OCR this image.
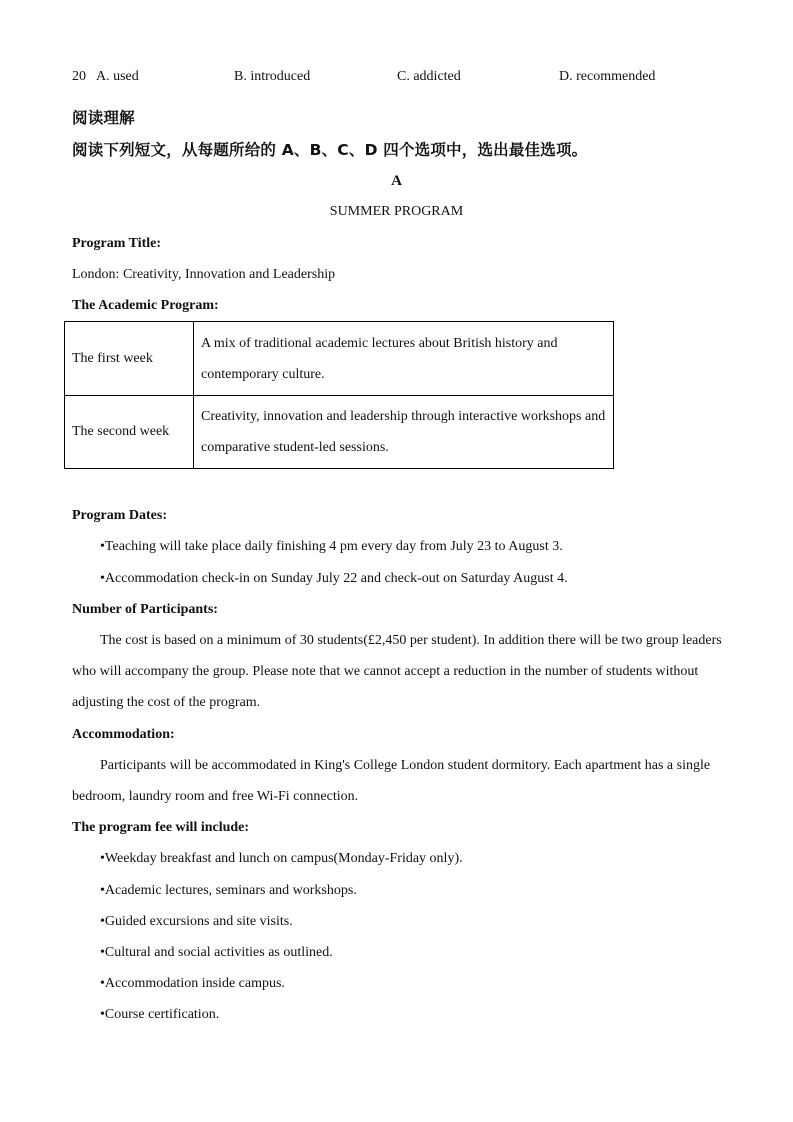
20 A. used	B. introduced	C. addicted	D. recommended
阅读理解
阅读下列短文，从每题所给的 A、B、C、D 四个选项中，选出最佳选项。
A
SUMMER PROGRAM
Program Title:
London: Creativity, Innovation and Leadership
The Academic Program:
The first week	A mix of traditional academic lectures about British history and contemporary culture.
The second week	Creativity, innovation and leadership through interactive workshops and comparative student-led sessions.
Program Dates:
•Teaching will take place daily finishing 4 pm every day from July 23 to August 3.
•Accommodation check-in on Sunday July 22 and check-out on Saturday August 4.
Number of Participants:
The cost is based on a minimum of 30 students(£2,450 per student). In addition there will be two group leaders who will accompany the group. Please note that we cannot accept a reduction in the number of students without adjusting the cost of the program.
Accommodation:
Participants will be accommodated in King's College London student dormitory. Each apartment has a single bedroom, laundry room and free Wi-Fi connection.
The program fee will include:
•Weekday breakfast and lunch on campus(Monday-Friday only).
•Academic lectures, seminars and workshops.
•Guided excursions and site visits.
•Cultural and social activities as outlined.
•Accommodation inside campus.
•Course certification.
